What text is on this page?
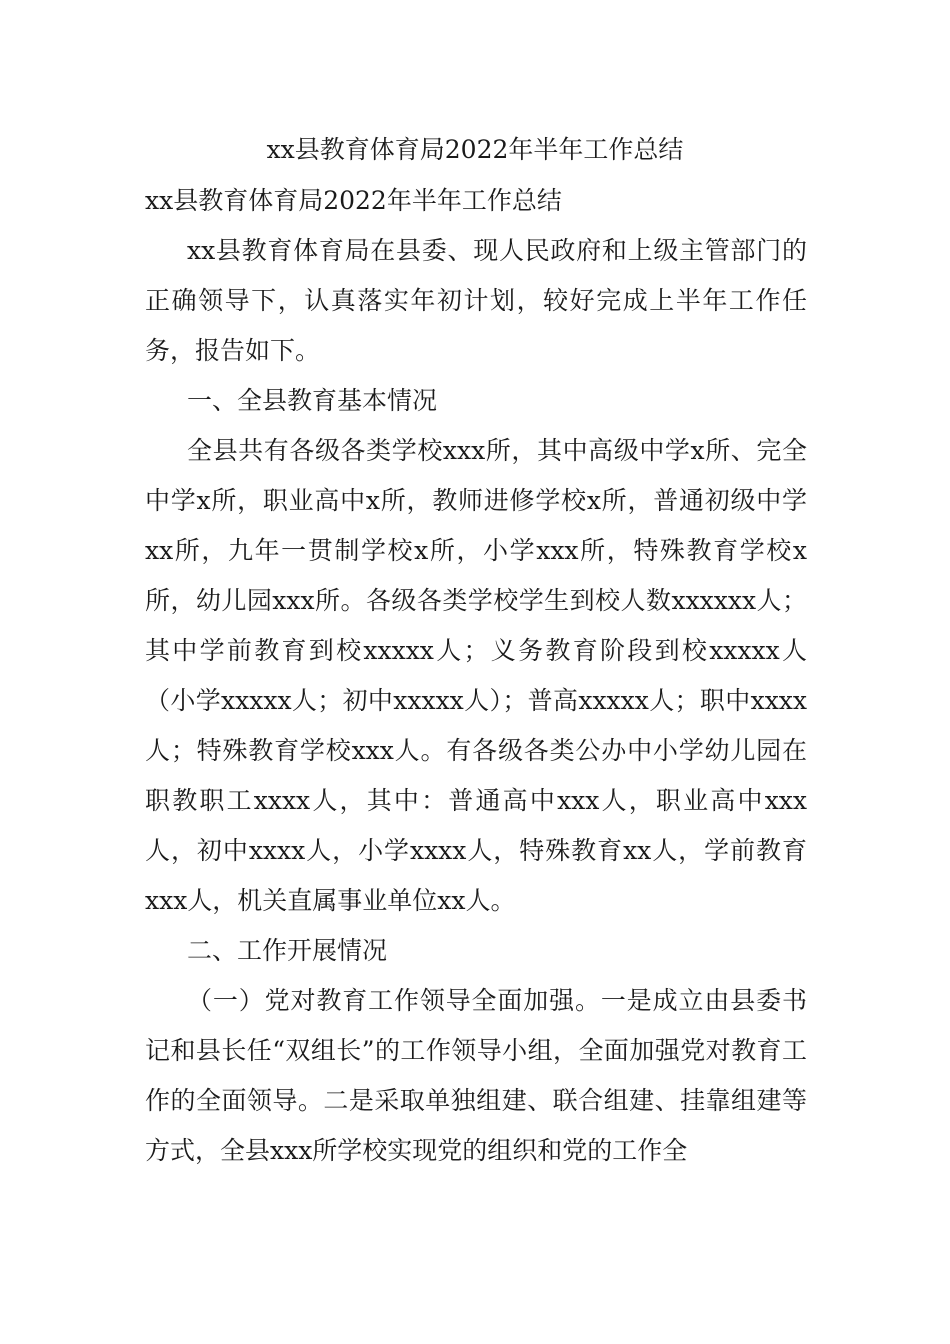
xx县教育体育局2022年半年工作总结

xx县教育体育局2022年半年工作总结

xx县教育体育局在县委、现人民政府和上级主管部门的正确领导下，认真落实年初计划，较好完成上半年工作任务，报告如下。

一、全县教育基本情况

全县共有各级各类学校xxx所，其中高级中学x所、完全中学x所，职业高中x所，教师进修学校x所，普通初级中学xx所，九年一贯制学校x所，小学xxx所，特殊教育学校x所，幼儿园xxx所。各级各类学校学生到校人数xxxxxx人；其中学前教育到校xxxxx人；义务教育阶段到校xxxxx人（小学xxxxx人；初中xxxxx人）；普高xxxxx人；职中xxxx人；特殊教育学校xxx人。有各级各类公办中小学幼儿园在职教职工xxxx人，其中：普通高中xxx人，职业高中xxx人，初中xxxx人，小学xxxx人，特殊教育xx人，学前教育xxx人，机关直属事业单位xx人。

二、工作开展情况

（一）党对教育工作领导全面加强。一是成立由县委书记和县长任“双组长”的工作领导小组，全面加强党对教育工作的全面领导。二是采取单独组建、联合组建、挂靠组建等方式，全县xxx所学校实现党的组织和党的工作全
